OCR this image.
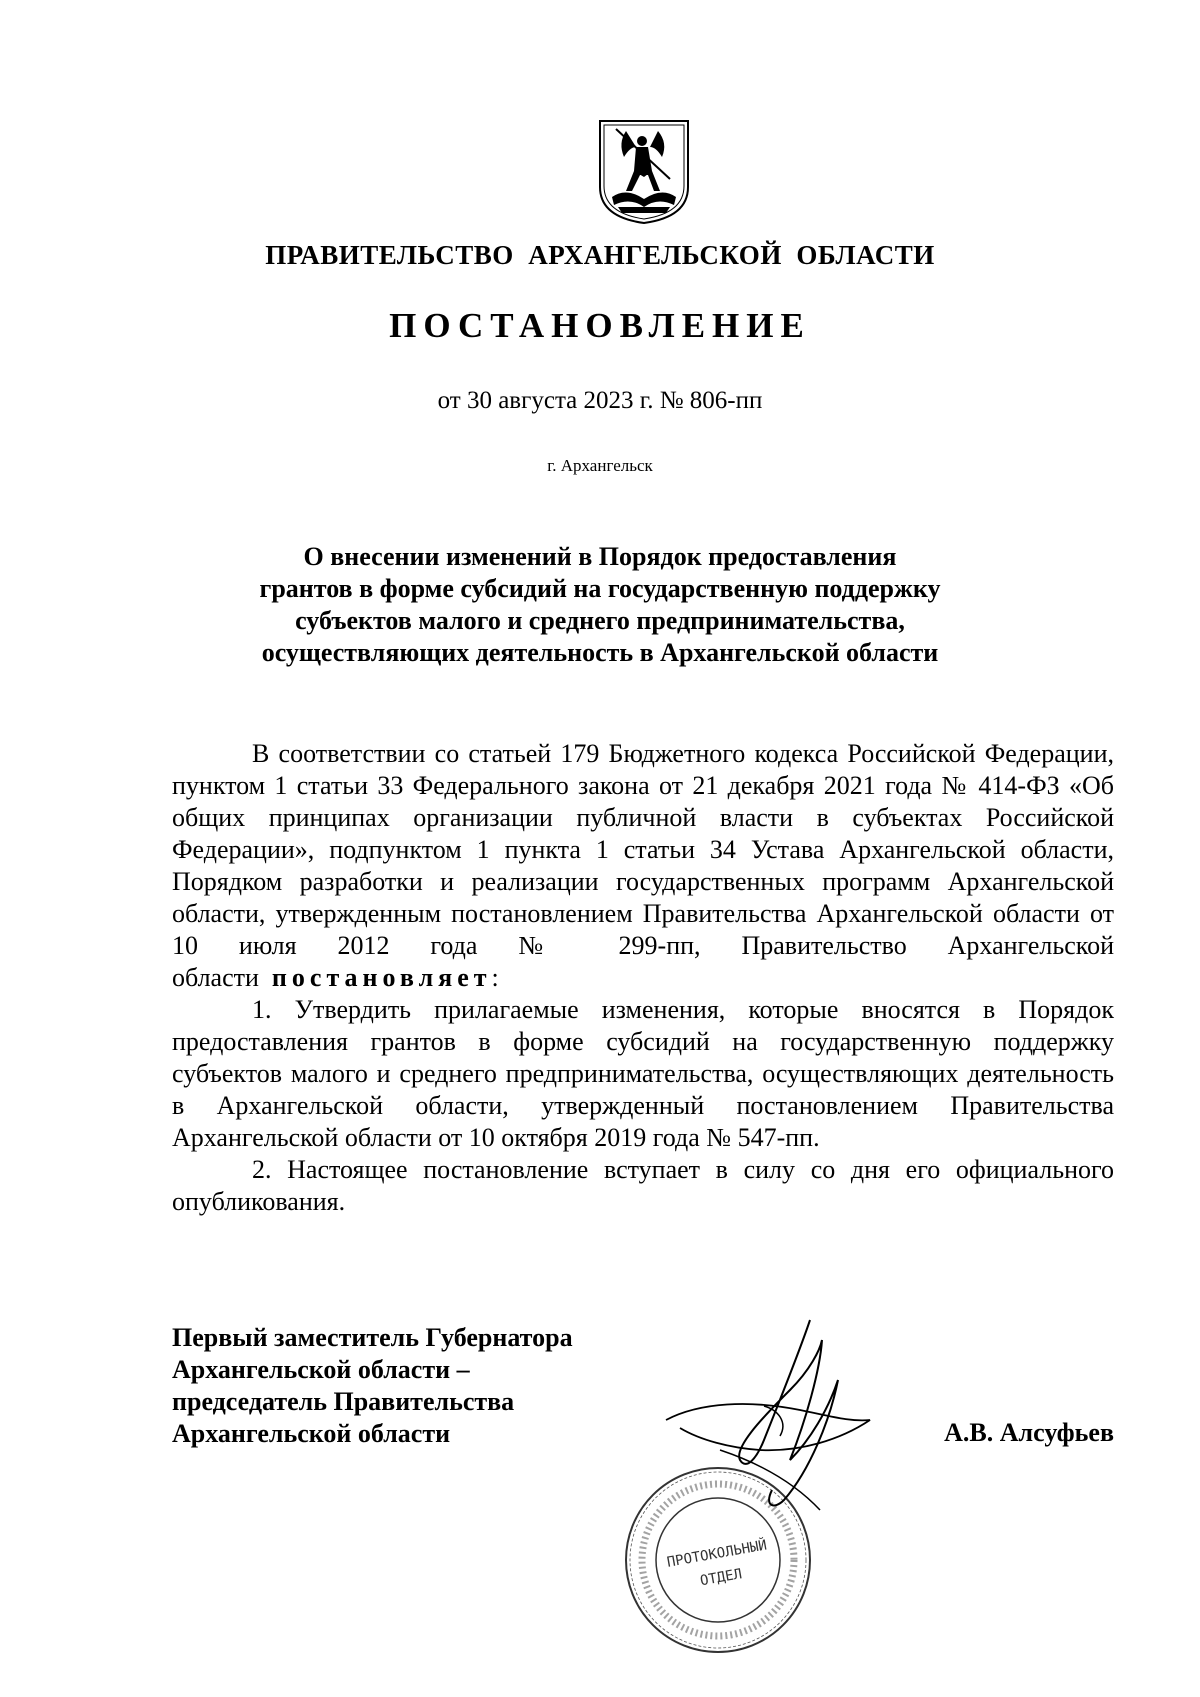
ПРАВИТЕЛЬСТВО  АРХАНГЕЛЬСКОЙ  ОБЛАСТИ
ПОСТАНОВЛЕНИЕ
от 30 августа 2023 г. № 806-пп
г. Архангельск
О внесении изменений в Порядок предоставления
грантов в форме субсидий на государственную поддержку
субъектов малого и среднего предпринимательства,
осуществляющих деятельность в Архангельской области

В соответствии со статьей 179 Бюджетного кодекса Российской Федерации, пунктом 1 статьи 33 Федерального закона от 21 декабря 2021 года № 414-ФЗ «Об общих принципах организации публичной власти в субъектах Российской Федерации», подпунктом 1 пункта 1 статьи 34 Устава Архангельской области, Порядком разработки и реализации государственных программ Архангельской области, утвержденным постановлением Правительства Архангельской области от 10 июля 2012 года № 299-пп, Правительство Архангельской области постановляет:

1. Утвердить прилагаемые изменения, которые вносятся в Порядок предоставления грантов в форме субсидий на государственную поддержку субъектов малого и среднего предпринимательства, осуществляющих деятельность в Архангельской области, утвержденный постановлением Правительства Архангельской области от 10 октября 2019 года № 547-пп.

2. Настоящее постановление вступает в силу со дня его официального опубликования.

Первый заместитель Губернатора
Архангельской области –
председатель Правительства
Архангельской области	А.В. Алсуфьев
ПРОТОКОЛЬНЫЙ
ОТДЕЛ
